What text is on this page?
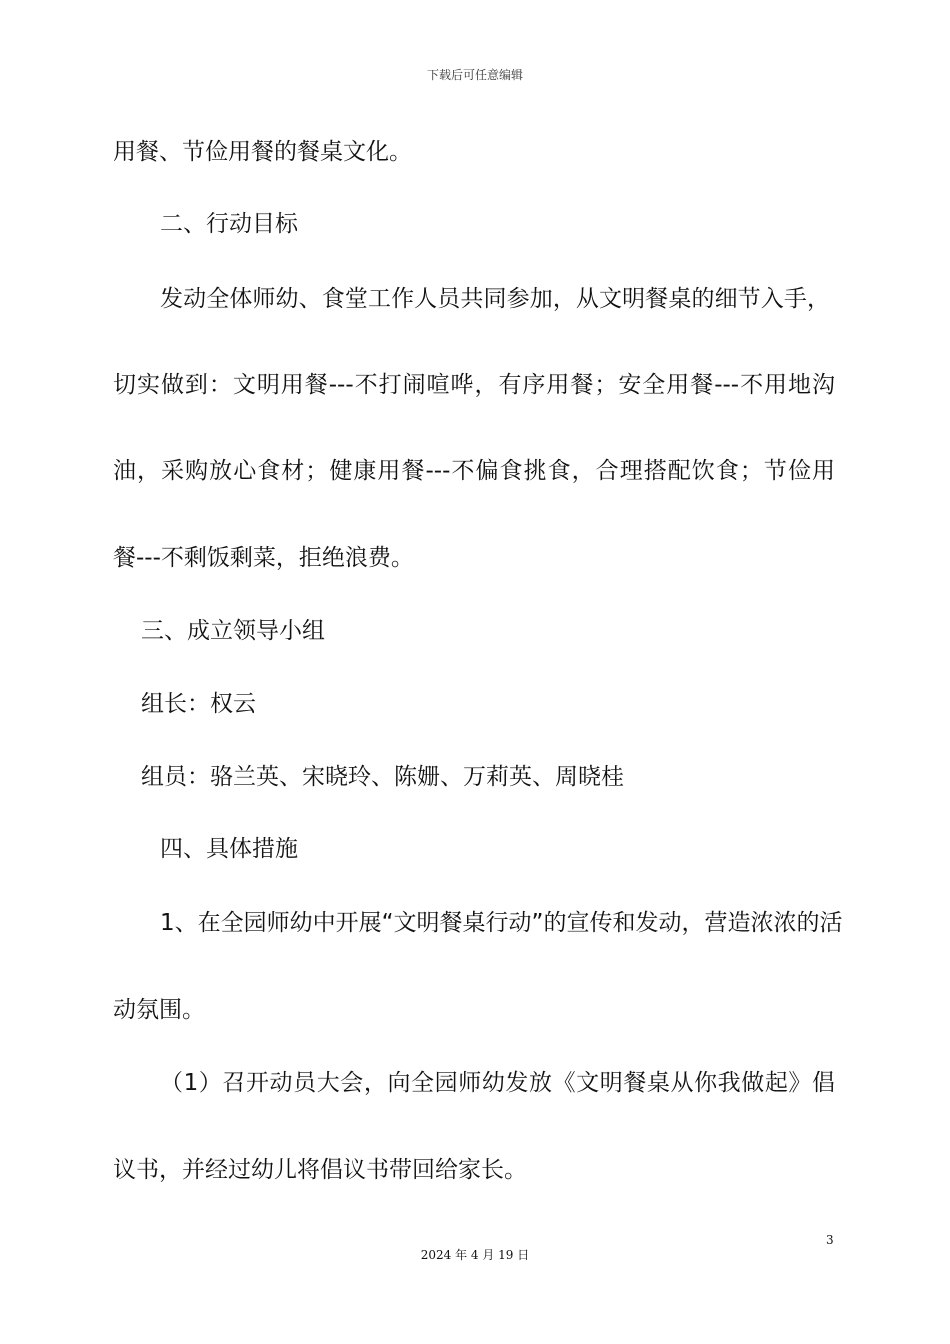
下载后可任意编辑
用餐、节俭用餐的餐桌文化。
二、行动目标
发动全体师幼、食堂工作人员共同参加，从文明餐桌的细节入手，
切实做到：文明用餐---不打闹喧哗，有序用餐；安全用餐---不用地沟
油，采购放心食材；健康用餐---不偏食挑食，合理搭配饮食；节俭用
餐---不剩饭剩菜，拒绝浪费。
三、成立领导小组
组长：权云
组员：骆兰英、宋晓玲、陈姗、万莉英、周晓桂
四、具体措施
1、在全园师幼中开展“文明餐桌行动”的宣传和发动，营造浓浓的活
动氛围。
（1）召开动员大会，向全园师幼发放《文明餐桌从你我做起》倡
议书，并经过幼儿将倡议书带回给家长。
3
2024 年 4 月 19 日
